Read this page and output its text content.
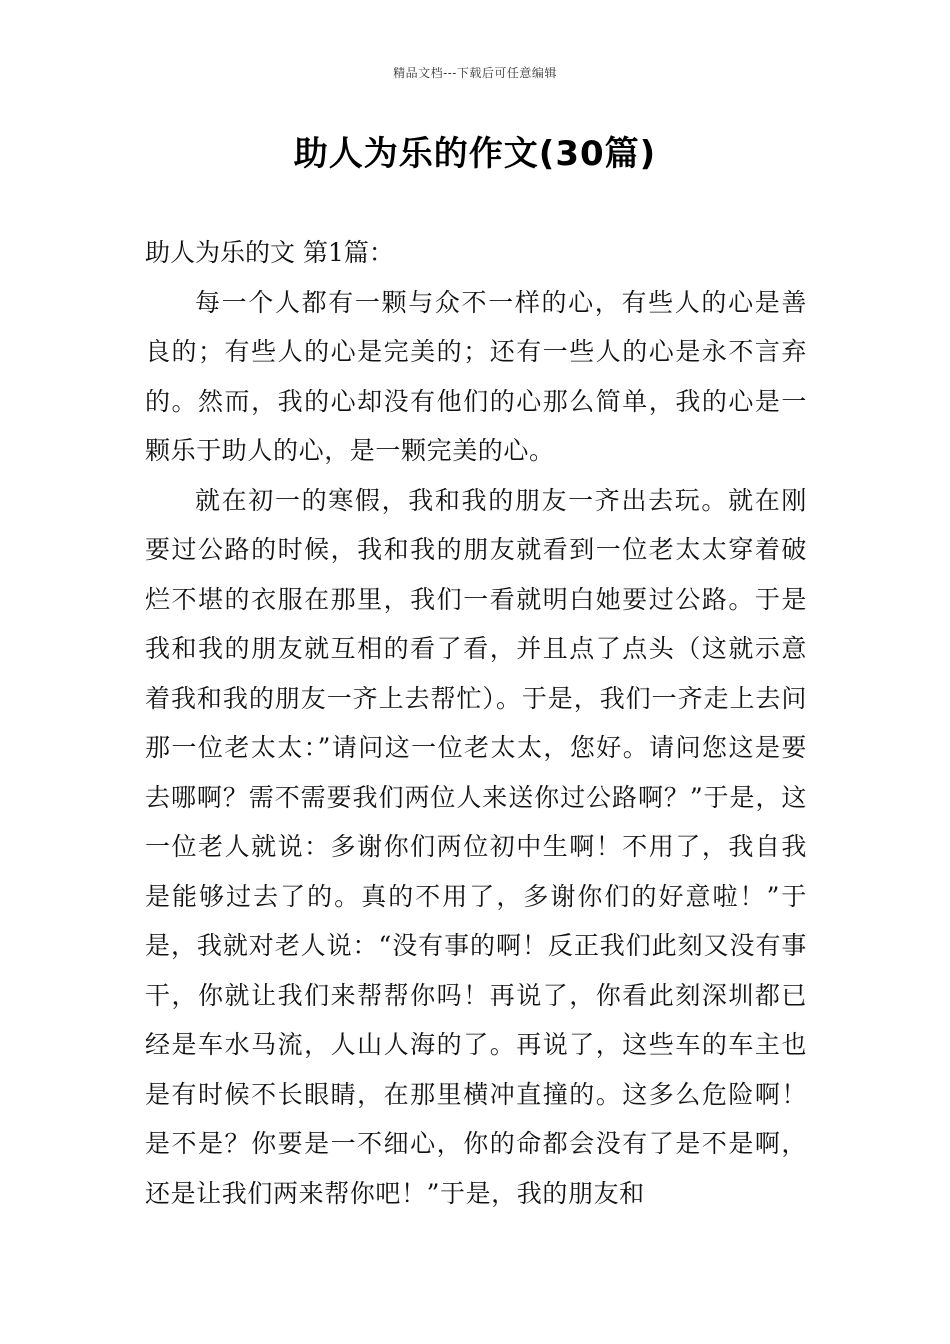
精品文档---下载后可任意编辑
助人为乐的作文(30篇)
助人为乐的文 第1篇：

每一个人都有一颗与众不一样的心，有些人的心是善良的；有些人的心是完美的；还有一些人的心是永不言弃的。然而，我的心却没有他们的心那么简单，我的心是一颗乐于助人的心，是一颗完美的心。

就在初一的寒假，我和我的朋友一齐出去玩。就在刚要过公路的时候，我和我的朋友就看到一位老太太穿着破烂不堪的衣服在那里，我们一看就明白她要过公路。于是我和我的朋友就互相的看了看，并且点了点头（这就示意着我和我的朋友一齐上去帮忙）。于是，我们一齐走上去问那一位老太太：”请问这一位老太太，您好。请问您这是要去哪啊？需不需要我们两位人来送你过公路啊？”于是，这一位老人就说：多谢你们两位初中生啊！不用了，我自我是能够过去了的。真的不用了，多谢你们的好意啦！”于是，我就对老人说：“没有事的啊！反正我们此刻又没有事干，你就让我们来帮帮你吗！再说了，你看此刻深圳都已经是车水马流，人山人海的了。再说了，这些车的车主也是有时候不长眼睛，在那里横冲直撞的。这多么危险啊！是不是？你要是一不细心，你的命都会没有了是不是啊，还是让我们两来帮你吧！”于是，我的朋友和
